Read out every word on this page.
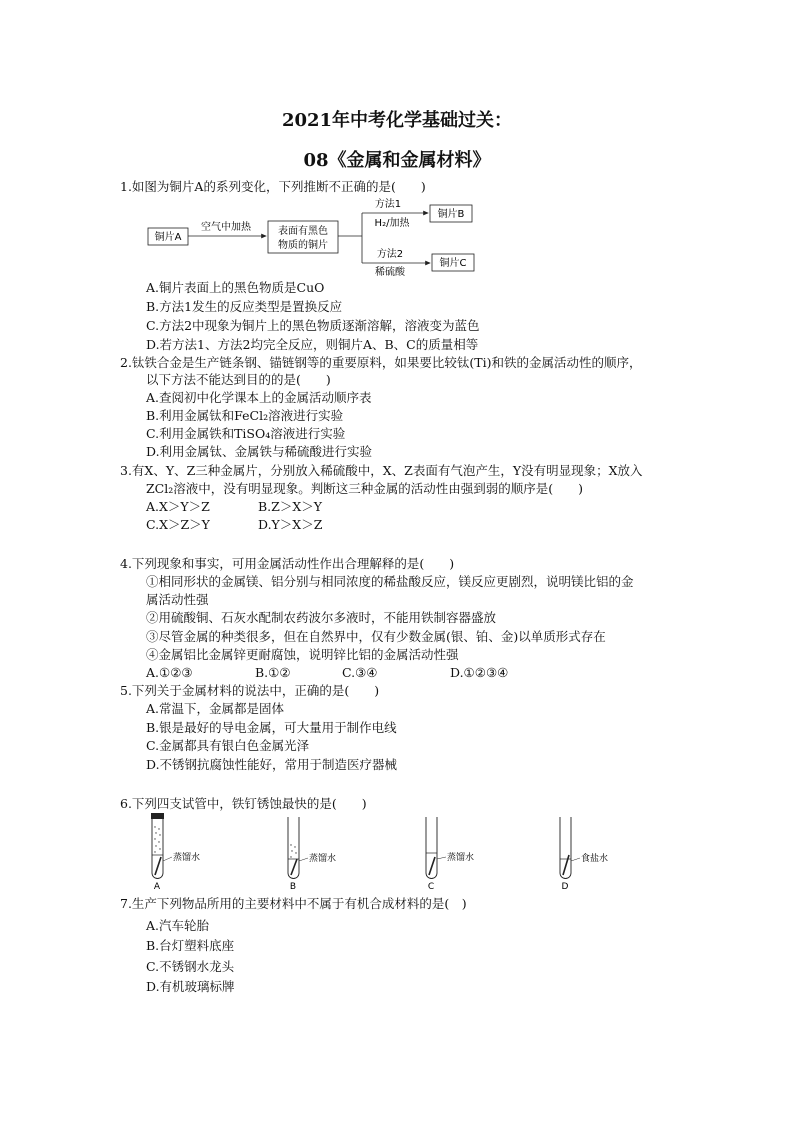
2021年中考化学基础过关：
08《金属和金属材料》
1.如图为铜片A的系列变化，下列推断不正确的是(　　)
铜片A
空气中加热	表面有黑色
物质的铜片
方法1
H₂/加热
方法2
稀硫酸
铜片B
铜片C
A.铜片表面上的黑色物质是CuO
B.方法1发生的反应类型是置换反应
C.方法2中现象为铜片上的黑色物质逐渐溶解，溶液变为蓝色
D.若方法1、方法2均完全反应，则铜片A、B、C的质量相等
2.钛铁合金是生产链条钢、锚链钢等的重要原料，如果要比较钛(Ti)和铁的金属活动性的顺序，
以下方法不能达到目的的是(　　)
A.查阅初中化学课本上的金属活动顺序表
B.利用金属钛和FeCl₂溶液进行实验
C.利用金属铁和TiSO₄溶液进行实验
D.利用金属钛、金属铁与稀硫酸进行实验
3.有X、Y、Z三种金属片，分别放入稀硫酸中，X、Z表面有气泡产生，Y没有明显现象；X放入
ZCl₂溶液中，没有明显现象。判断这三种金属的活动性由强到弱的顺序是(　　)
A.X＞Y＞Z	B.Z＞X＞Y
C.X＞Z＞Y	D.Y＞X＞Z
4.下列现象和事实，可用金属活动性作出合理解释的是(　　)
①相同形状的金属镁、铝分别与相同浓度的稀盐酸反应，镁反应更剧烈，说明镁比铝的金
属活动性强
②用硫酸铜、石灰水配制农药波尔多液时，不能用铁制容器盛放
③尽管金属的种类很多，但在自然界中，仅有少数金属(银、铂、金)以单质形式存在
④金属铝比金属锌更耐腐蚀，说明锌比铝的金属活动性强
A.①②③	B.①②	C.③④	D.①②③④
5.下列关于金属材料的说法中，正确的是(　　)
A.常温下，金属都是固体
B.银是最好的导电金属，可大量用于制作电线
C.金属都具有银白色金属光泽
D.不锈钢抗腐蚀性能好，常用于制造医疗器械
6.下列四支试管中，铁钉锈蚀最快的是(　　)
蒸馏水
A
蒸馏水
B
蒸馏水
C
食盐水
D
7.生产下列物品所用的主要材料中不属于有机合成材料的是(　)
A.汽车轮胎
B.台灯塑料底座
C.不锈钢水龙头
D.有机玻璃标牌
